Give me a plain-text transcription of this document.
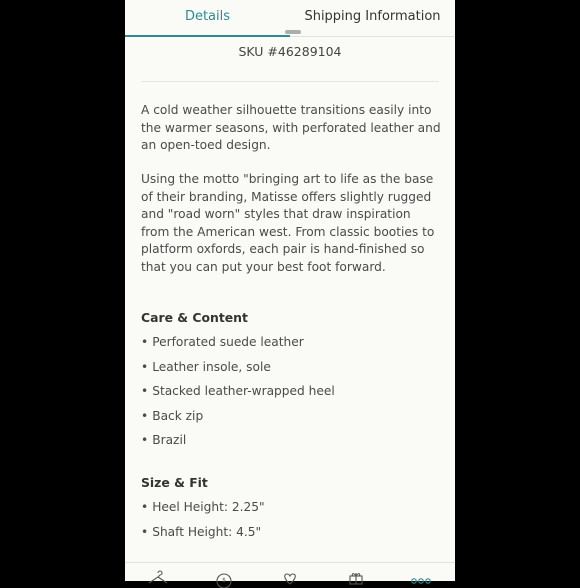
Details	Shipping Information
SKU #46289104

A cold weather silhouette transitions easily into the warmer seasons, with perforated leather and an open-toed design.

Using the motto "bringing art to life as the base of their branding, Matisse offers slightly rugged and "road worn" styles that draw inspiration from the American west. From classic booties to platform oxfords, each pair is hand-finished so that you can put your best foot forward.

Care & Content
• Perforated suede leather
• Leather insole, sole
• Stacked leather-wrapped heel
• Back zip
• Brazil
Size & Fit
• Heel Height: 2.25"
• Shaft Height: 4.5"
$
